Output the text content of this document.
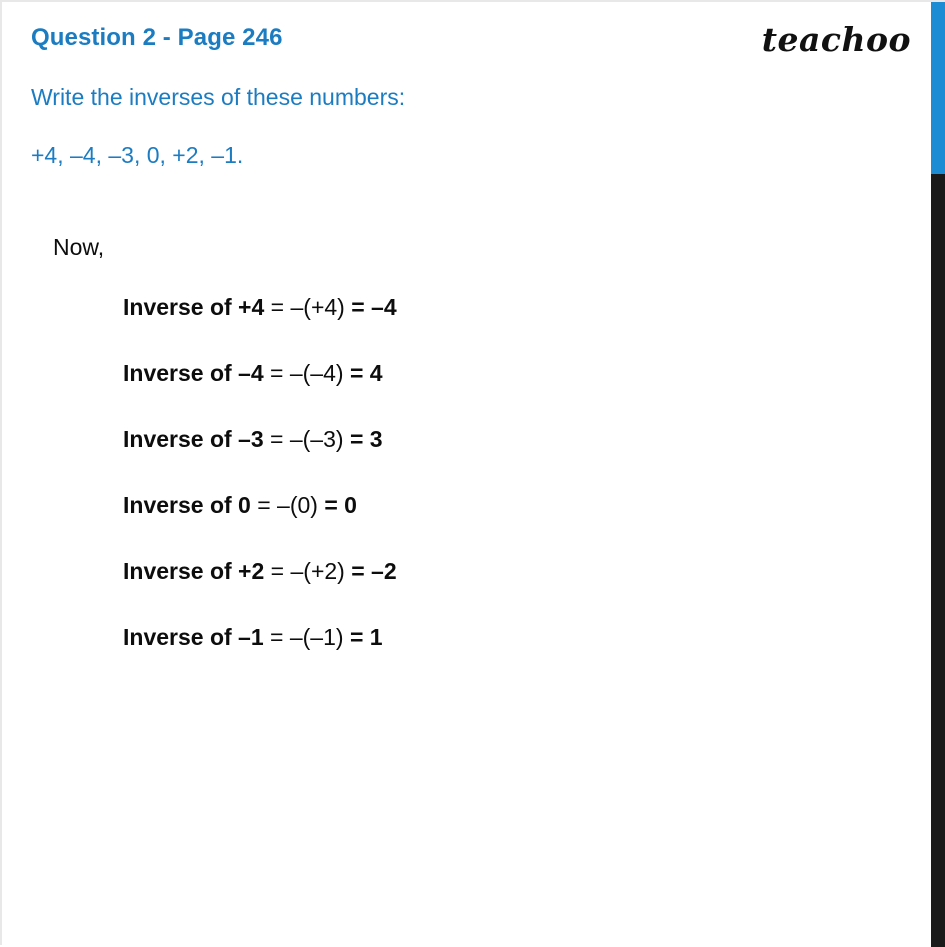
Question 2 - Page 246	teachoo
Write the inverses of these numbers:
+4, –4, –3, 0, +2, –1.
Now,
Inverse of +4 = –(+4) = –4
Inverse of –4 = –(–4) = 4
Inverse of –3 = –(–3) = 3
Inverse of 0 = –(0) = 0
Inverse of +2 = –(+2) = –2
Inverse of –1 = –(–1) = 1
